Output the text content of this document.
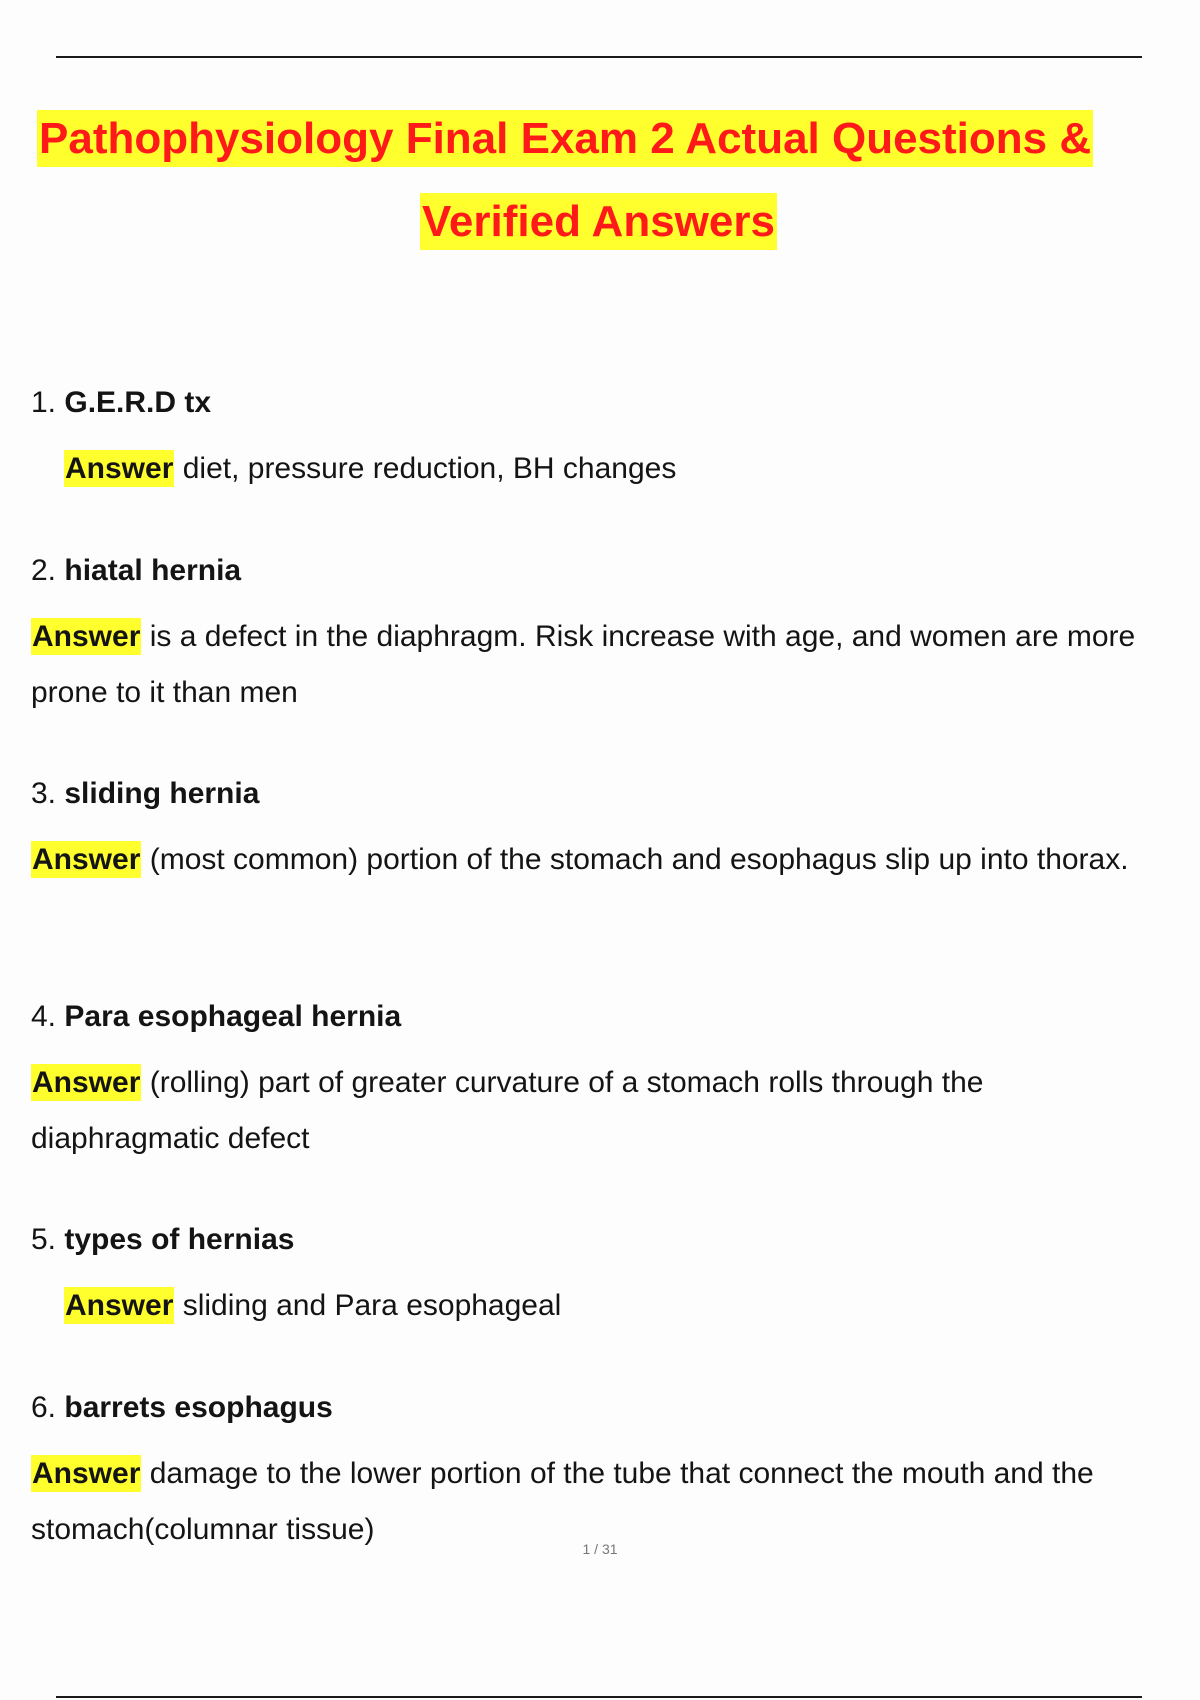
Pathophysiology Final Exam 2 Actual Questions &
Verified Answers
1. G.E.R.D tx
Answer diet, pressure reduction, BH changes
2. hiatal hernia
Answer is a defect in the diaphragm. Risk increase with age, and women are more prone to it than men
3. sliding hernia
Answer (most common) portion of the stomach and esophagus slip up into thorax.
4. Para esophageal hernia
Answer (rolling) part of greater curvature of a stomach rolls through the diaphragmatic defect
5. types of hernias
Answer sliding and Para esophageal
6. barrets esophagus
Answer damage to the lower portion of the tube that connect the mouth and the stomach(columnar tissue)
1 / 31
